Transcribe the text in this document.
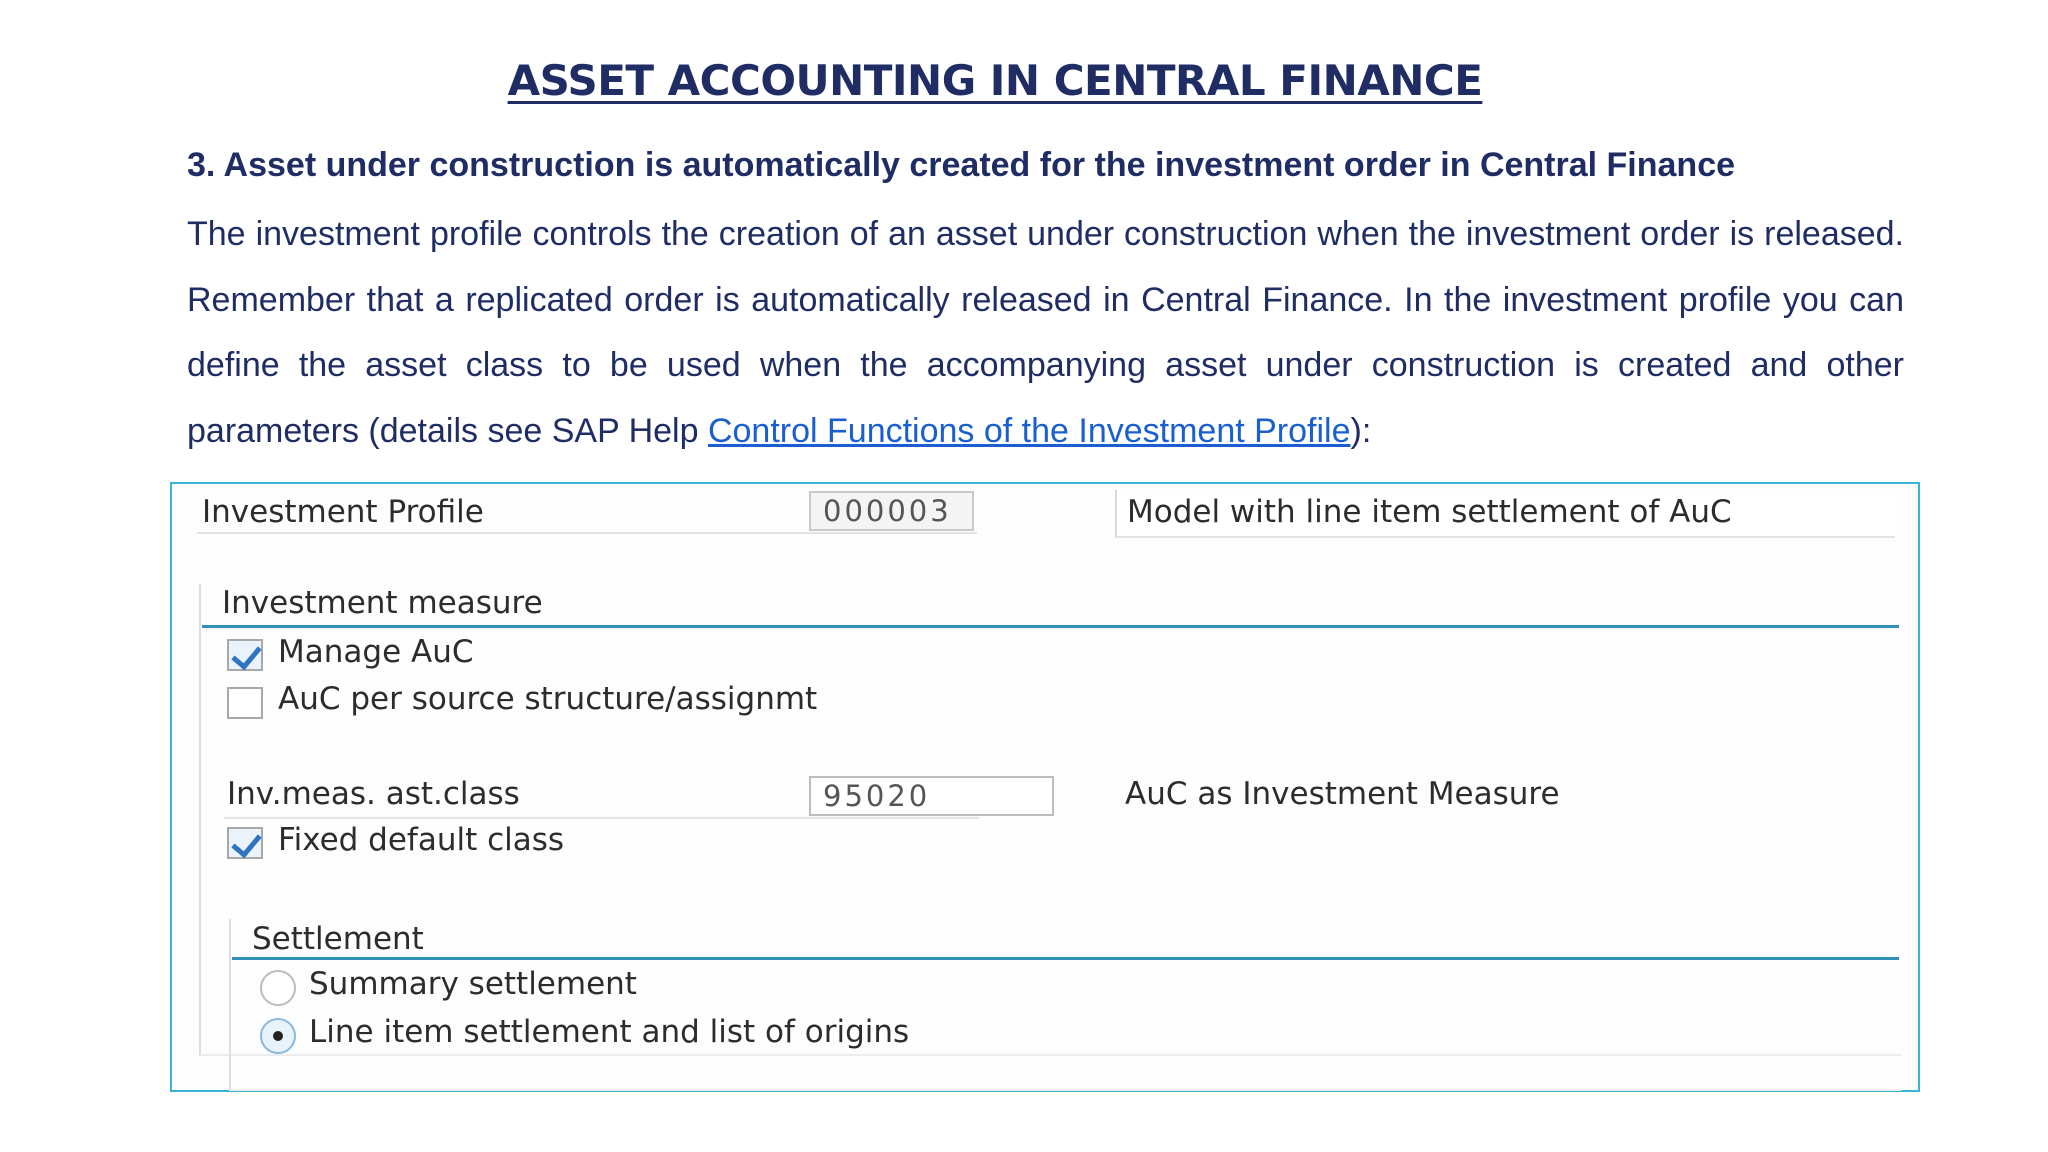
ASSET ACCOUNTING IN CENTRAL FINANCE
3. Asset under construction is automatically created for the investment order in Central Finance
The investment profile controls the creation of an asset under construction when the investment order is released. Remember that a replicated order is automatically released in Central Finance. In the investment profile you can define the asset class to be used when the accompanying asset under construction is created and other parameters (details see SAP Help Control Functions of the Investment Profile):
Investment Profile	000003	Model with line item settlement of AuC
Investment measure
Manage AuC
AuC per source structure/assignmt
Inv.meas. ast.class	95020	AuC as Investment Measure
Fixed default class
Settlement
Summary settlement
Line item settlement and list of origins
